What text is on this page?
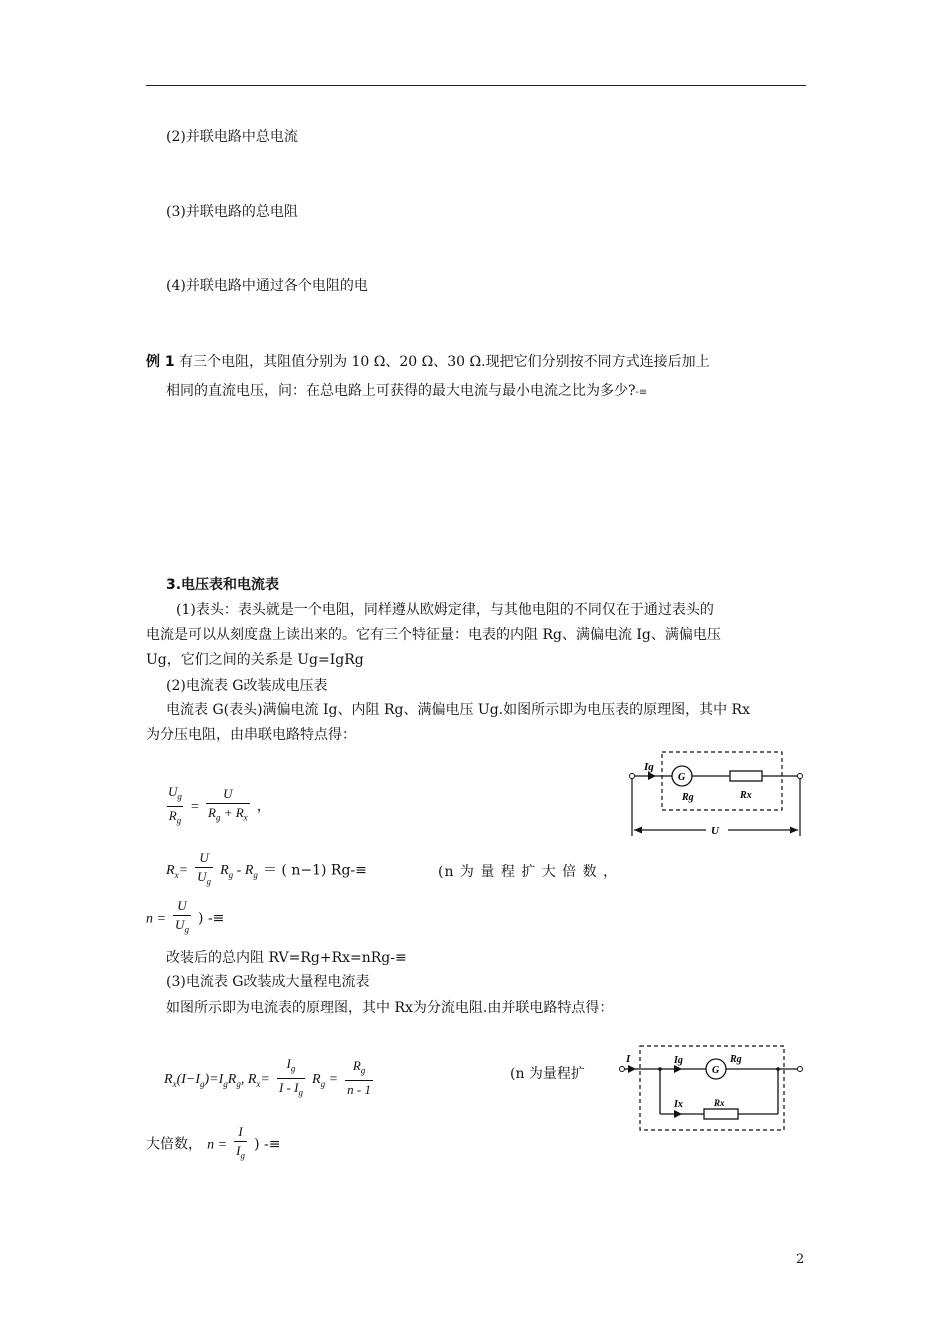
(2)并联电路中总电流
(3)并联电路的总电阻
(4)并联电路中通过各个电阻的电
例 1 有三个电阻，其阻值分别为 10 Ω、20 Ω、30 Ω.现把它们分别按不同方式连接后加上
相同的直流电压，问：在总电路上可获得的最大电流与最小电流之比为多少?-≡
3.电压表和电流表
(1)表头：表头就是一个电阻，同样遵从欧姆定律，与其他电阻的不同仅在于通过表头的
电流是可以从刻度盘上读出来的。它有三个特征量：电表的内阻 Rg、满偏电流 Ig、满偏电压
Ug，它们之间的关系是 Ug=IgRg
(2)电流表 G改装成电压表
电流表 G(表头)满偏电流 Ig、内阻 Rg、满偏电压 Ug.如图所示即为电压表的原理图，其中 Rx
为分压电阻，由串联电路特点得：
$\frac{U_g}{R_g} = \frac{U}{R_g + R_x}$ ，
$R_x= \frac{U}{U_g} R_g - R_g$ ＝ ( n−1) Rg-≡	(n 为 量 程 扩 大 倍 数 ，
$n = \frac{U}{U_g}$ ) -≡
改装后的总内阻 RV=Rg+Rx=nRg-≡
(3)电流表 G改装成大量程电流表
如图所示即为电流表的原理图，其中 Rx为分流电阻.由并联电路特点得：
$R_x(I-I_g)=I_gR_g$, $R_x= \frac{I_g}{I - I_g} R_g = \frac{R_g}{n - 1}$	(n 为量程扩
大倍数， $n = \frac{I}{I_g}$ ) -≡
Ig
G
Rg	Rx
U
I	Ig
G
Rg
Ix	Rx
2
